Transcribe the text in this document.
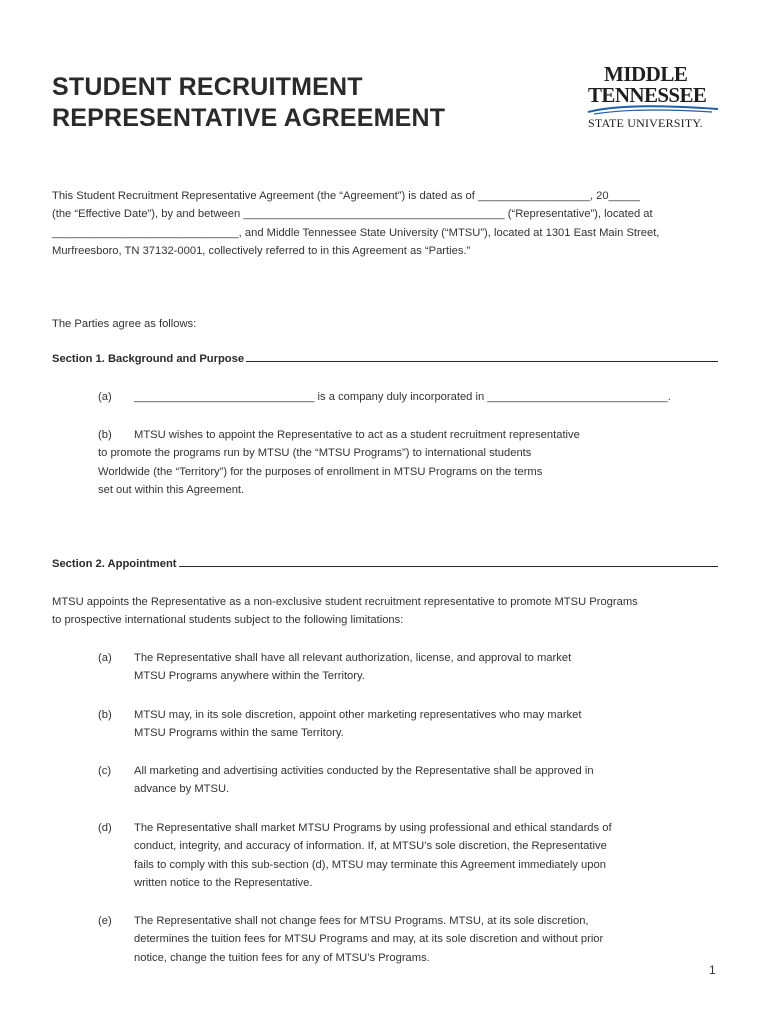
STUDENT RECRUITMENT
REPRESENTATIVE AGREEMENT
MIDDLE
TENNESSEE
STATE UNIVERSITY.
This Student Recruitment Representative Agreement (the “Agreement”) is dated as of __________________, 20_____
(the “Effective Date”), by and between __________________________________________ (“Representative”), located at
______________________________, and Middle Tennessee State University (“MTSU”), located at 1301 East Main Street,
Murfreesboro, TN 37132-0001, collectively referred to in this Agreement as “Parties.”
The Parties agree as follows:
Section 1. Background and Purpose
(a) _____________________________ is a company duly incorporated in _____________________________.
(b) MTSU wishes to appoint the Representative to act as a student recruitment representative
to promote the programs run by MTSU (the “MTSU Programs”) to international students
Worldwide (the “Territory”) for the purposes of enrollment in MTSU Programs on the terms
set out within this Agreement.
Section 2. Appointment
MTSU appoints the Representative as a non-exclusive student recruitment representative to promote MTSU Programs
to prospective international students subject to the following limitations:
(a) The Representative shall have all relevant authorization, license, and approval to market
MTSU Programs anywhere within the Territory.
(b) MTSU may, in its sole discretion, appoint other marketing representatives who may market
MTSU Programs within the same Territory.
(c) All marketing and advertising activities conducted by the Representative shall be approved in
advance by MTSU.
(d) The Representative shall market MTSU Programs by using professional and ethical standards of
conduct, integrity, and accuracy of information. If, at MTSU’s sole discretion, the Representative
fails to comply with this sub-section (d), MTSU may terminate this Agreement immediately upon
written notice to the Representative.
(e) The Representative shall not change fees for MTSU Programs. MTSU, at its sole discretion,
determines the tuition fees for MTSU Programs and may, at its sole discretion and without prior
notice, change the tuition fees for any of MTSU’s Programs.
1
